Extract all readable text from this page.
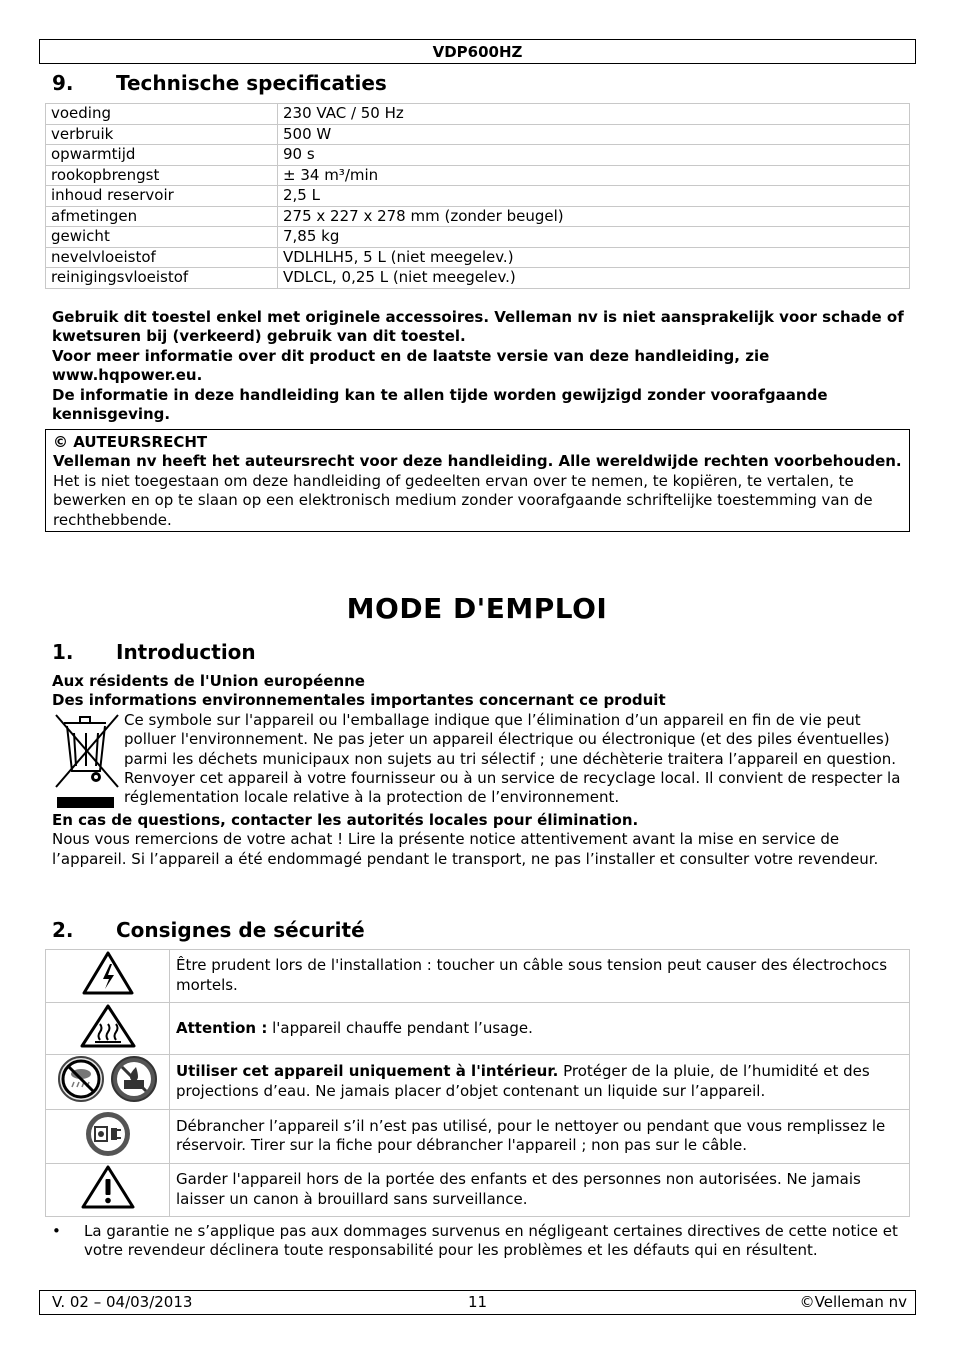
VDP600HZ
9. Technische specificaties
voeding	230 VAC / 50 Hz
verbruik	500 W
opwarmtijd	90 s
rookopbrengst	± 34 m³/min
inhoud reservoir	2,5 L
afmetingen	275 x 227 x 278 mm (zonder beugel)
gewicht	7,85 kg
nevelvloeistof	VDLHLH5, 5 L (niet meegelev.)
reinigingsvloeistof	VDLCL, 0,25 L (niet meegelev.)
Gebruik dit toestel enkel met originele accessoires. Velleman nv is niet aansprakelijk voor schade of kwetsuren bij (verkeerd) gebruik van dit toestel.
Voor meer informatie over dit product en de laatste versie van deze handleiding, zie www.hqpower.eu.
De informatie in deze handleiding kan te allen tijde worden gewijzigd zonder voorafgaande kennisgeving.
© AUTEURSRECHT
Velleman nv heeft het auteursrecht voor deze handleiding. Alle wereldwijde rechten voorbehouden. Het is niet toegestaan om deze handleiding of gedeelten ervan over te nemen, te kopiëren, te vertalen, te bewerken en op te slaan op een elektronisch medium zonder voorafgaande schriftelijke toestemming van de rechthebbende.
MODE D'EMPLOI
1. Introduction
Aux résidents de l'Union européenne
Des informations environnementales importantes concernant ce produit
Ce symbole sur l'appareil ou l'emballage indique que l’élimination d’un appareil en fin de vie peut polluer l'environnement. Ne pas jeter un appareil électrique ou électronique (et des piles éventuelles) parmi les déchets municipaux non sujets au tri sélectif ; une déchèterie traitera l’appareil en question. Renvoyer cet appareil à votre fournisseur ou à un service de recyclage local. Il convient de respecter la réglementation locale relative à la protection de l’environnement.
En cas de questions, contacter les autorités locales pour élimination.
Nous vous remercions de votre achat ! Lire la présente notice attentivement avant la mise en service de l’appareil. Si l’appareil a été endommagé pendant le transport, ne pas l’installer et consulter votre revendeur.
2. Consignes de sécurité
	Être prudent lors de l'installation : toucher un câble sous tension peut causer des électrochocs mortels.
	Attention : l'appareil chauffe pendant l’usage.
	Utiliser cet appareil uniquement à l'intérieur. Protéger de la pluie, de l’humidité et des projections d’eau. Ne jamais placer d’objet contenant un liquide sur l’appareil.
	Débrancher l’appareil s’il n’est pas utilisé, pour le nettoyer ou pendant que vous remplissez le réservoir. Tirer sur la fiche pour débrancher l'appareil ; non pas sur le câble.
	Garder l'appareil hors de la portée des enfants et des personnes non autorisées. Ne jamais laisser un canon à brouillard sans surveillance.
• La garantie ne s’applique pas aux dommages survenus en négligeant certaines directives de cette notice et votre revendeur déclinera toute responsabilité pour les problèmes et les défauts qui en résultent.
V. 02 – 04/03/2013	11	©Velleman nv
